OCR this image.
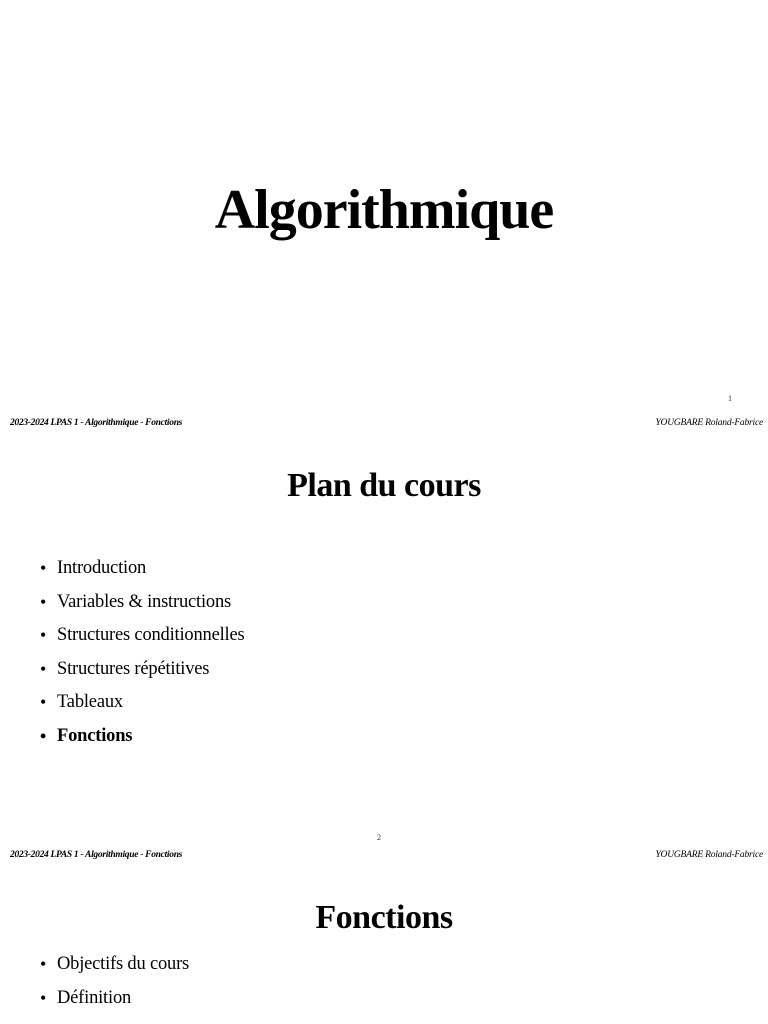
Algorithmique
1
2023-2024 LPAS 1 - Algorithmique - Fonctions	YOUGBARE Roland-Fabrice
Plan du cours
• Introduction
• Variables & instructions
• Structures conditionnelles
• Structures répétitives
• Tableaux
• Fonctions
2
2023-2024 LPAS 1 - Algorithmique - Fonctions	YOUGBARE Roland-Fabrice
Fonctions
• Objectifs du cours
• Définition
